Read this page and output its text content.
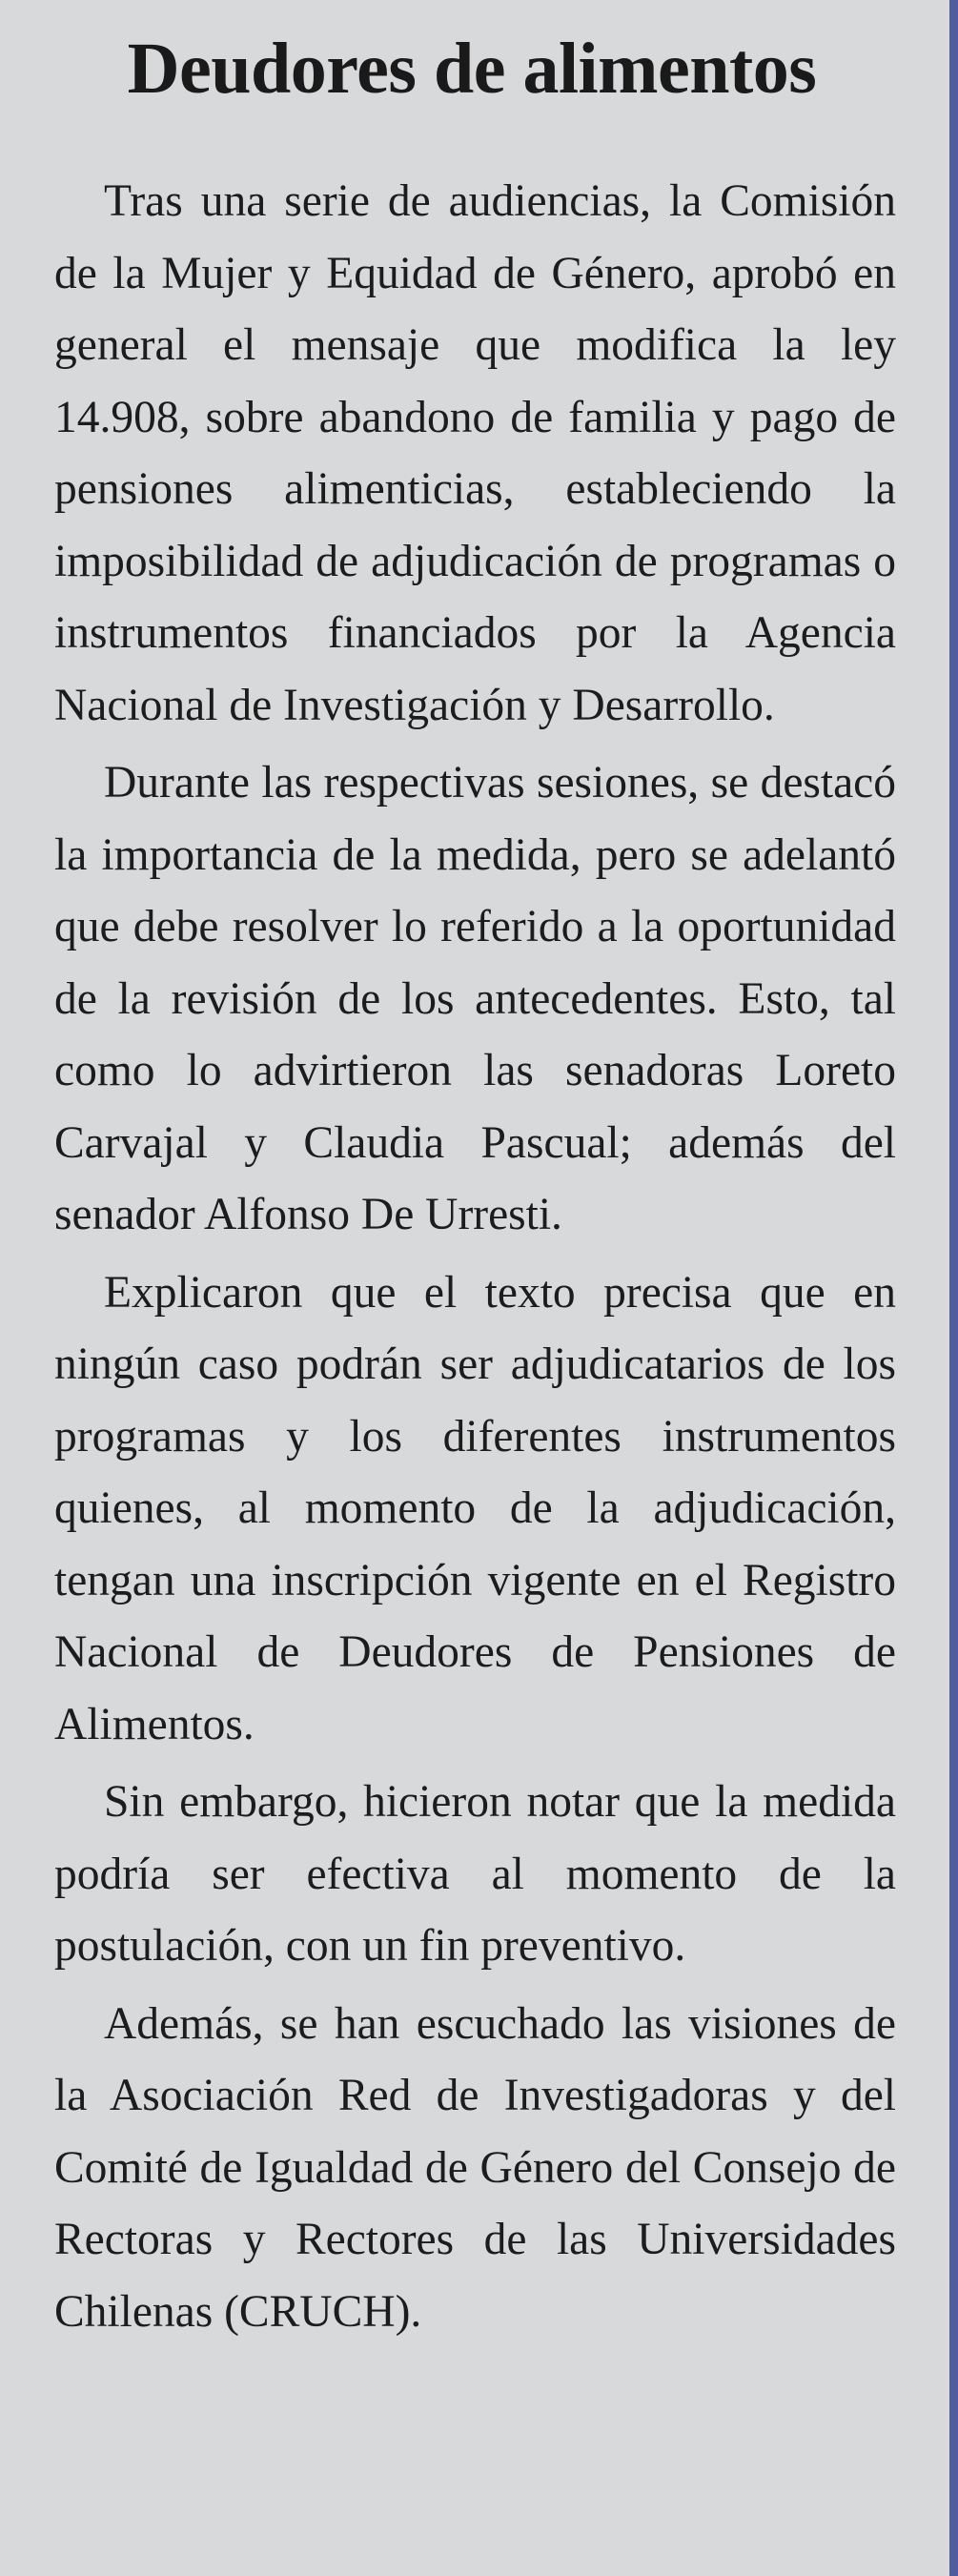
Deudores de alimentos

Tras una serie de audiencias, la Comisión de la Mujer y Equidad de Género, aprobó en general el mensaje que modifica la ley 14.908, sobre abandono de familia y pago de pensiones alimenticias, estableciendo la imposibilidad de adjudicación de programas o instrumentos financiados por la Agencia Nacional de Investigación y Desarrollo.

Durante las respectivas sesiones, se destacó la importancia de la medida, pero se adelantó que debe resolver lo referido a la oportunidad de la revisión de los antecedentes. Esto, tal como lo advirtieron las senadoras Loreto Carvajal y Claudia Pascual; además del senador Alfonso De Urresti.

Explicaron que el texto precisa que en ningún caso podrán ser adjudicatarios de los programas y los diferentes instrumentos quienes, al momento de la adjudicación, tengan una inscripción vigente en el Registro Nacional de Deudores de Pensiones de Alimentos.

Sin embargo, hicieron notar que la medida podría ser efectiva al momento de la postulación, con un fin preventivo.

Además, se han escuchado las visiones de la Asociación Red de Investigadoras y del Comité de Igualdad de Género del Consejo de Rectoras y Rectores de las Universidades Chilenas (CRUCH).
